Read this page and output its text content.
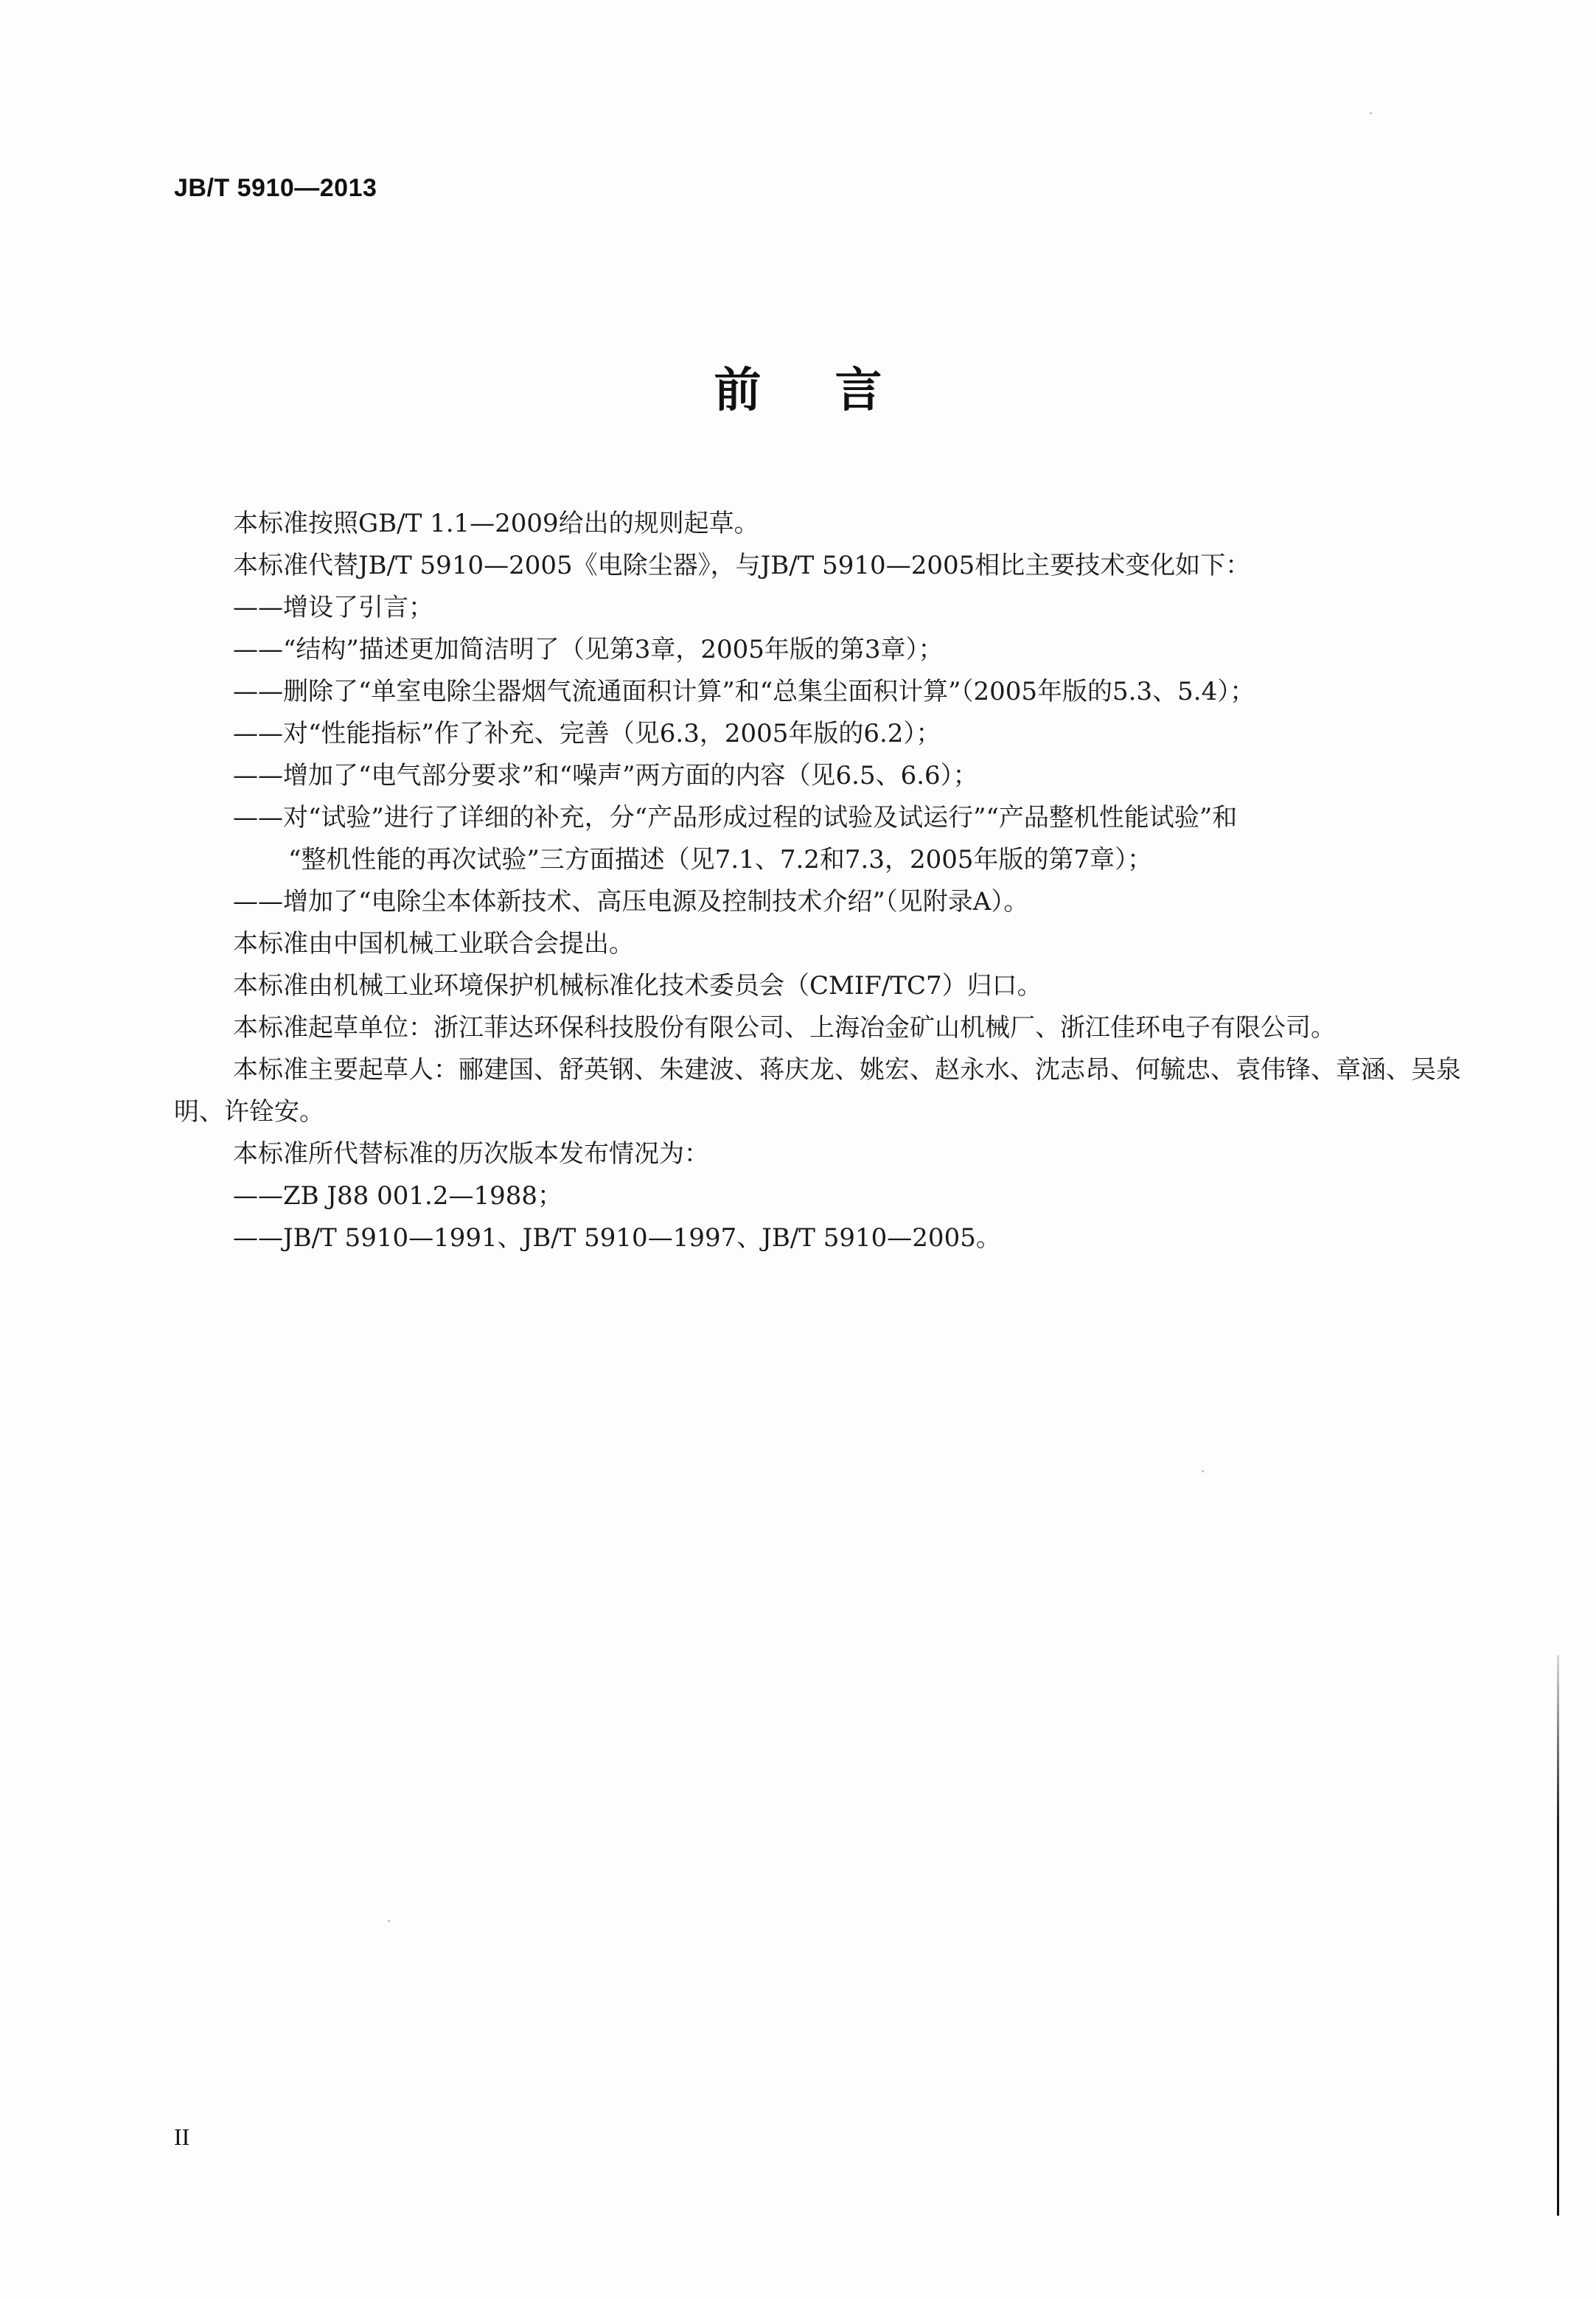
JB/T 5910—2013
前言

本标准按照GB/T 1.1—2009给出的规则起草。

本标准代替JB/T 5910—2005《电除尘器》，与JB/T 5910—2005相比主要技术变化如下：

——增设了引言；

——“结构”描述更加简洁明了（见第3章，2005年版的第3章）；

——删除了“单室电除尘器烟气流通面积计算”和“总集尘面积计算”（2005年版的5.3、5.4）；

——对“性能指标”作了补充、完善（见6.3，2005年版的6.2）；

——增加了“电气部分要求”和“噪声”两方面的内容（见6.5、6.6）；

——对“试验”进行了详细的补充，分“产品形成过程的试验及试运行”“产品整机性能试验”和

“整机性能的再次试验”三方面描述（见7.1、7.2和7.3，2005年版的第7章）；

——增加了“电除尘本体新技术、高压电源及控制技术介绍”（见附录A）。

本标准由中国机械工业联合会提出。

本标准由机械工业环境保护机械标准化技术委员会（CMIF/TC7）归口。

本标准起草单位：浙江菲达环保科技股份有限公司、上海冶金矿山机械厂、浙江佳环电子有限公司。

本标准主要起草人：郦建国、舒英钢、朱建波、蒋庆龙、姚宏、赵永水、沈志昂、何毓忠、袁伟锋、章涵、吴泉明、许铨安。

本标准所代替标准的历次版本发布情况为：

——ZB J88 001.2—1988；

——JB/T 5910—1991、JB/T 5910—1997、JB/T 5910—2005。

II
